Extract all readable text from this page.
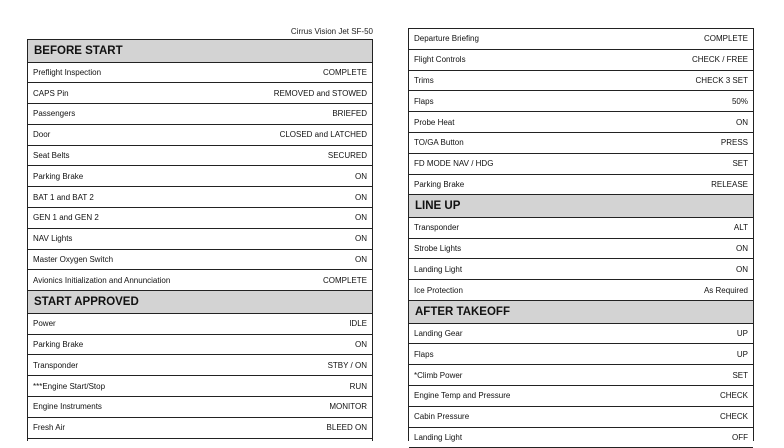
Cirrus Vision Jet SF-50
BEFORE START
Preflight Inspection	COMPLETE
CAPS Pin	REMOVED and STOWED
Passengers	BRIEFED
Door	CLOSED and LATCHED
Seat Belts	SECURED
Parking Brake	ON
BAT 1 and BAT 2	ON
GEN 1 and GEN 2	ON
NAV Lights	ON
Master Oxygen Switch	ON
Avionics Initialization and Annunciation	COMPLETE
START APPROVED
Power	IDLE
Parking Brake	ON
Transponder	STBY / ON
***Engine Start/Stop	RUN
Engine Instruments	MONITOR
Fresh Air	BLEED ON
Departure Briefing	COMPLETE
Flight Controls	CHECK / FREE
Trims	CHECK 3 SET
Flaps	50%
Probe Heat	ON
TO/GA Button	PRESS
FD MODE NAV / HDG	SET
Parking Brake	RELEASE
LINE UP
Transponder	ALT
Strobe Lights	ON
Landing Light	ON
Ice Protection	As Required
AFTER TAKEOFF
Landing Gear	UP
Flaps	UP
*Climb Power	SET
Engine Temp and Pressure	CHECK
Cabin Pressure	CHECK
Landing Light	OFF
